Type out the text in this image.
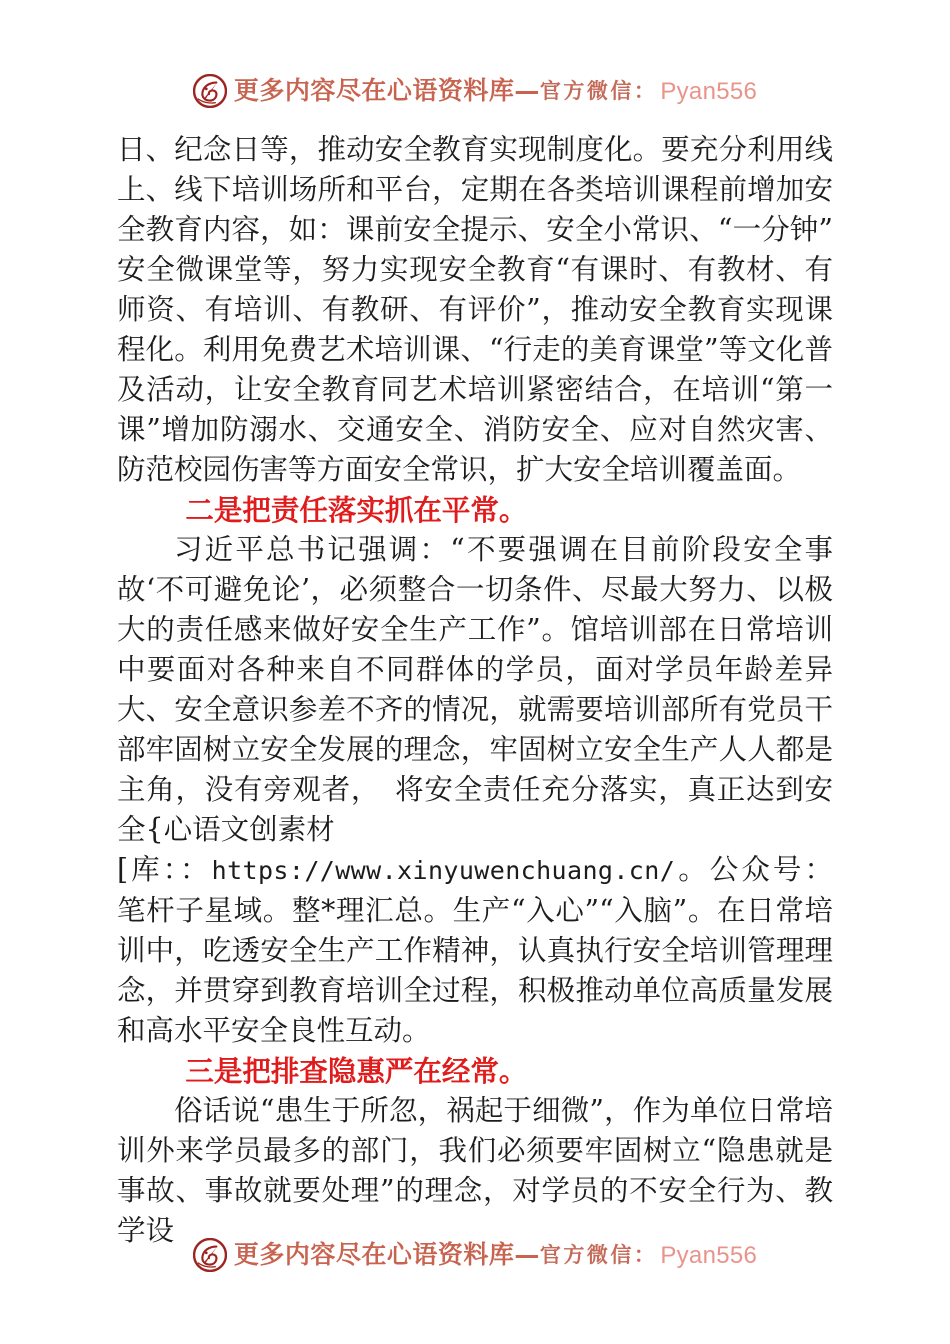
更多内容尽在心语资料库 — 官方微信： Pyan556

日、纪念日等，推动安全教育实现制度化。要充分利用线上、线下培训场所和平台，定期在各类培训课程前增加安全教育内容，如：课前安全提示、安全小常识、“一分钟”安全微课堂等，努力实现安全教育“有课时、有教材、有师资、有培训、有教研、有评价”，推动安全教育实现课程化。利用免费艺术培训课、“行走的美育课堂”等文化普及活动，让安全教育同艺术培训紧密结合，在培训“第一课”增加防溺水、交通安全、消防安全、应对自然灾害、防范校园伤害等方面安全常识，扩大安全培训覆盖面。

二是把责任落实抓在平常。

习近平总书记强调：“不要强调在目前阶段安全事故‘不可避免论’，必须整合一切条件、尽最大努力、以极大的责任感来做好安全生产工作”。馆培训部在日常培训中要面对各种来自不同群体的学员，面对学员年龄差异大、安全意识参差不齐的情况，就需要培训部所有党员干部牢固树立安全发展的理念，牢固树立安全生产人人都是主角，没有旁观者，　将安全责任充分落实，真正达到安全{心语文创素材

[库：：https://www.xinyuwenchuang.cn/。公众号：笔杆子星域。整*理汇总。生产“入心”“入脑”。在日常培训中，吃透安全生产工作精神，认真执行安全培训管理理念，并贯穿到教育培训全过程，积极推动单位高质量发展和高水平安全良性互动。

三是把排查隐惠严在经常。

俗话说“患生于所忽，祸起于细微”，作为单位日常培训外来学员最多的部门，我们必须要牢固树立“隐患就是事故、事故就要处理”的理念，对学员的不安全行为、教学设

更多内容尽在心语资料库 — 官方微信： Pyan556
